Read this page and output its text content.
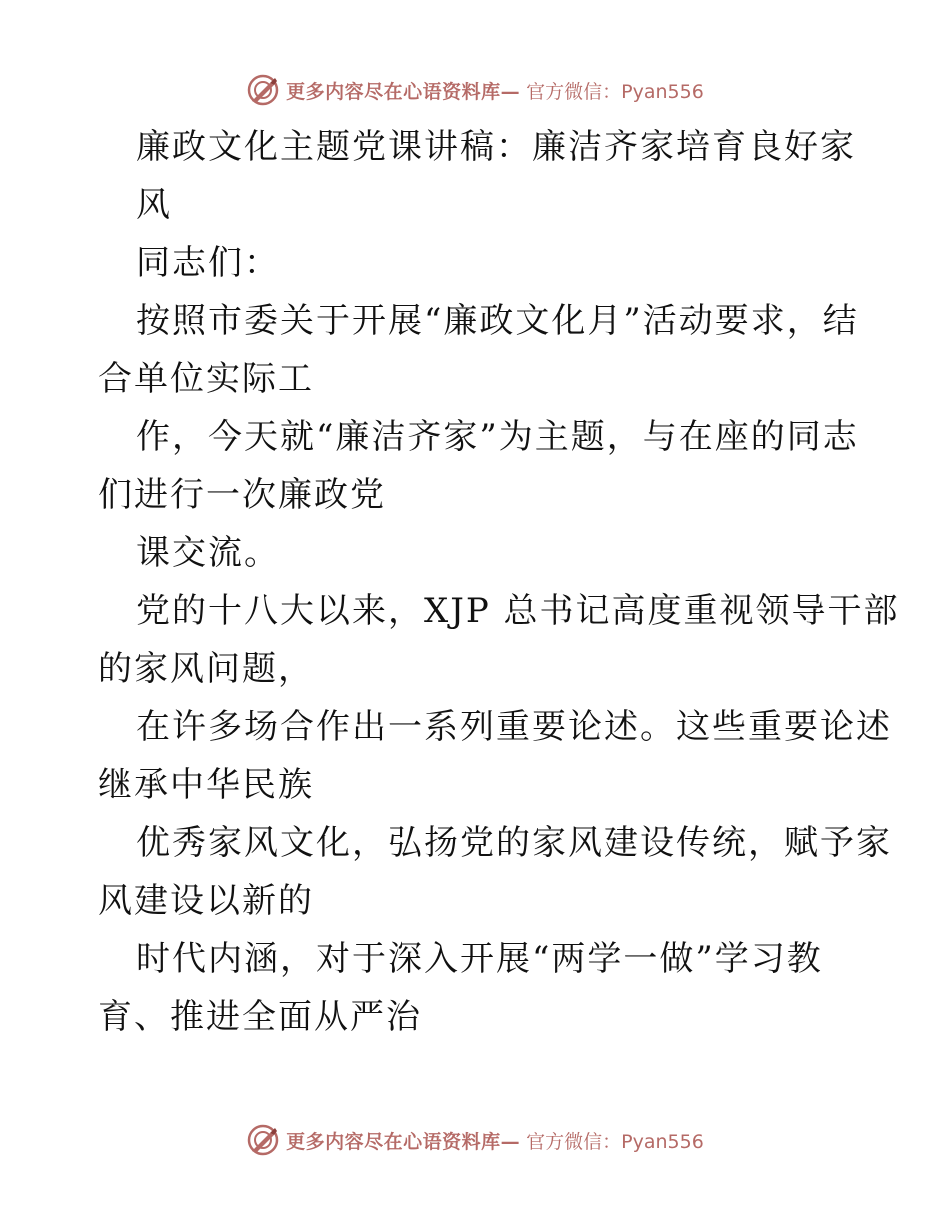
更多内容尽在心语资料库— 官方微信：Pyan556
廉政文化主题党课讲稿：廉洁齐家培育良好家
风
同志们：
按照市委关于开展“廉政文化月”活动要求，结
合单位实际工
作，今天就“廉洁齐家”为主题，与在座的同志
们进行一次廉政党
课交流。
党的十八大以来，XJP 总书记高度重视领导干部
的家风问题，
在许多场合作出一系列重要论述。这些重要论述
继承中华民族
优秀家风文化，弘扬党的家风建设传统，赋予家
风建设以新的
时代内涵，对于深入开展“两学一做”学习教
育、推进全面从严治
更多内容尽在心语资料库— 官方微信：Pyan556
